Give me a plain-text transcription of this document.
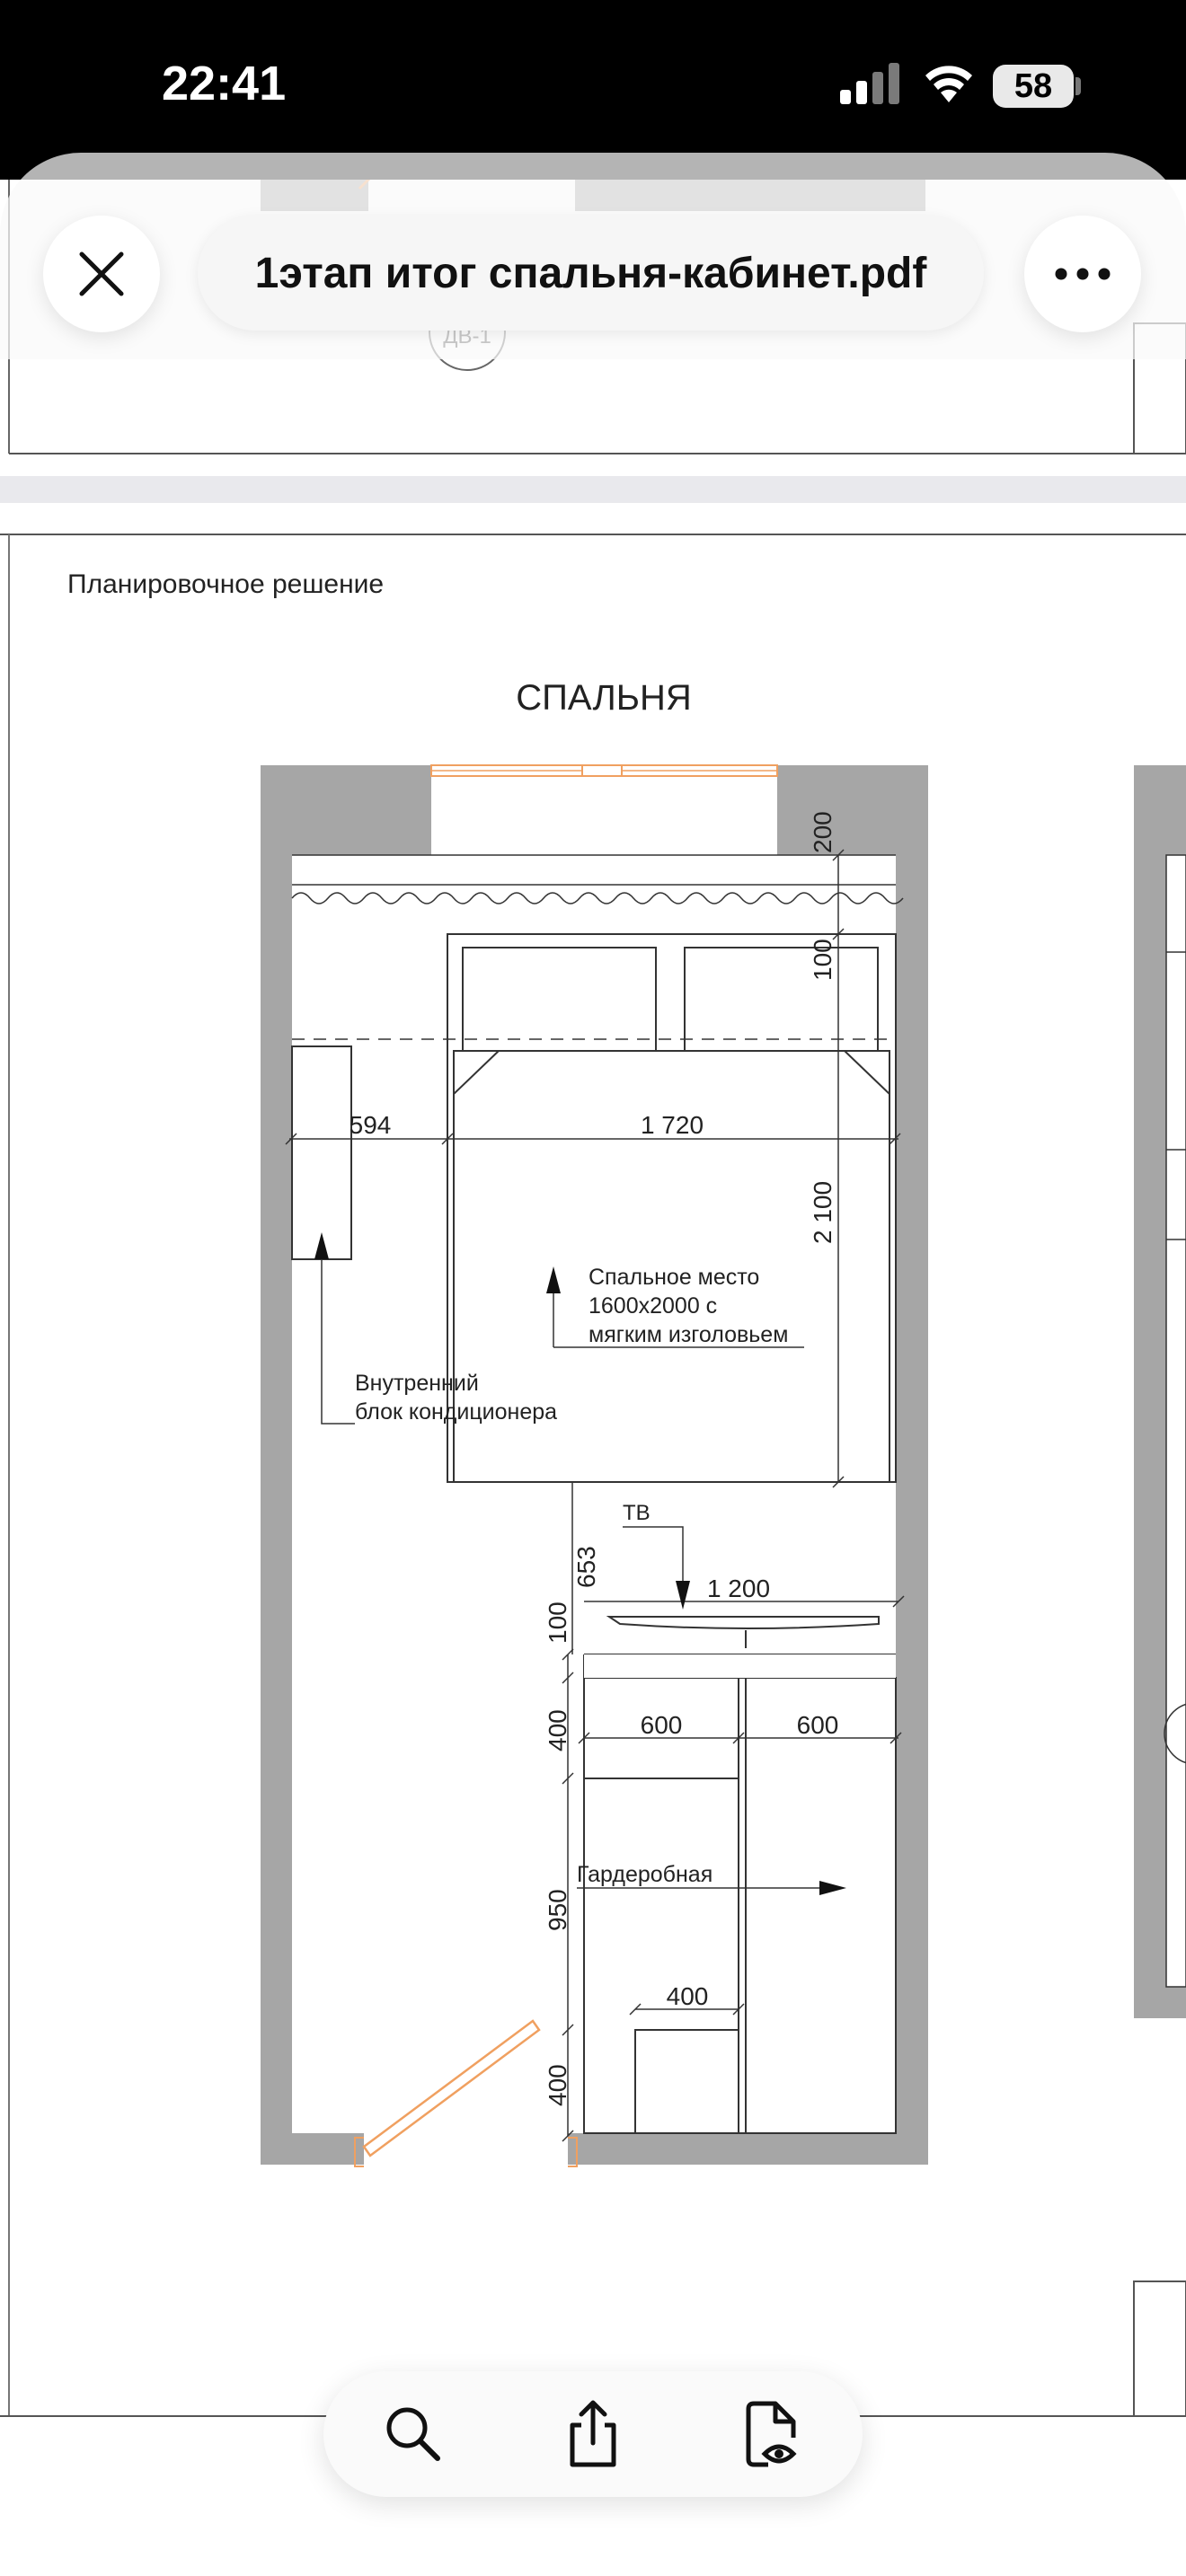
Планировочное решение
СПАЛЬНЯ
Внутренний
блок кондиционера
Спальное место
1600х2000 с
мягким изголовьем
594	1 720
200
100
2 100
ТВ
1 200
653
600	600
400
Гардеробная
100
400
950
400
22:41	58
1этап итог спальня-кабинет.pdf
